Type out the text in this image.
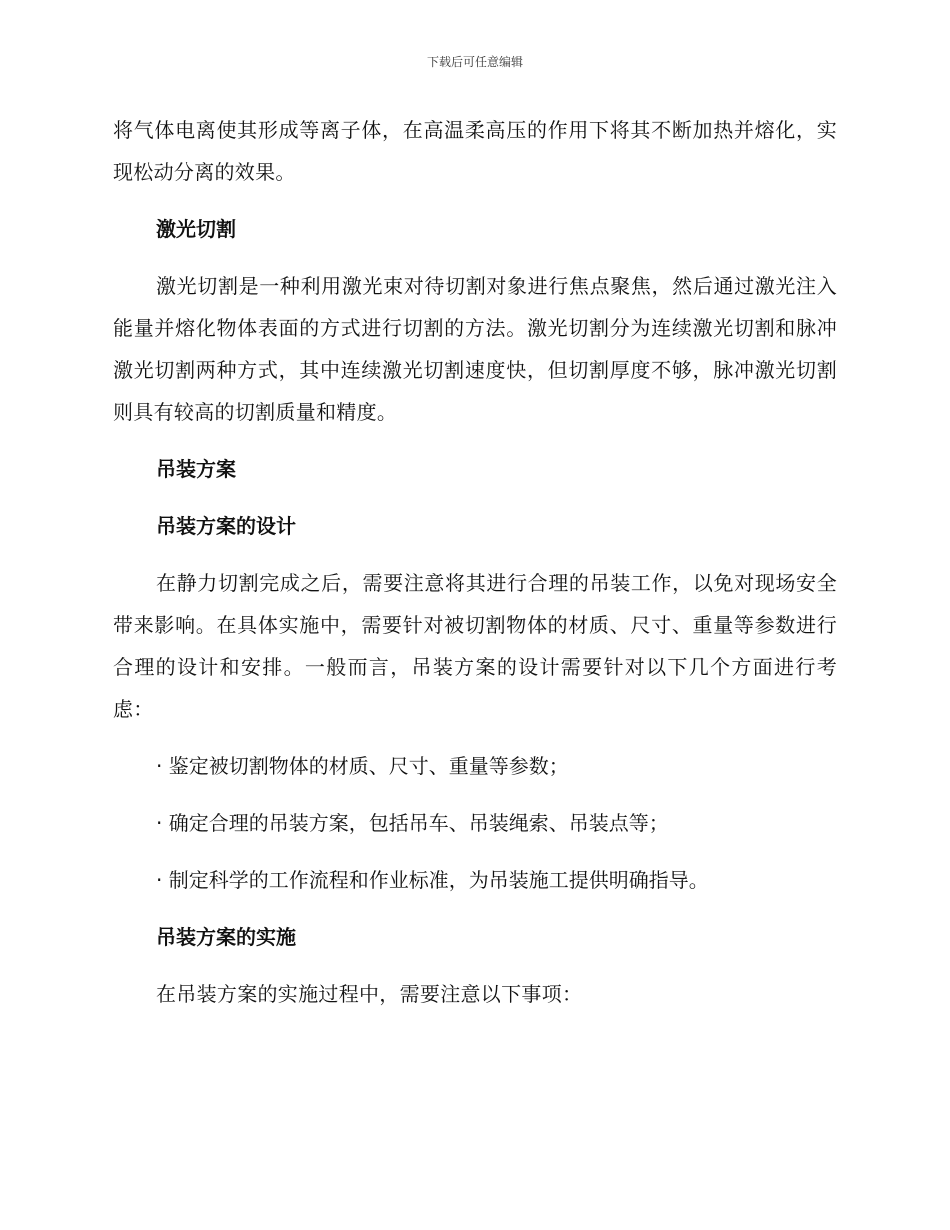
下载后可任意编辑

将气体电离使其形成等离子体，在高温柔高压的作用下将其不断加热并熔化，实现松动分离的效果。

激光切割

激光切割是一种利用激光束对待切割对象进行焦点聚焦，然后通过激光注入能量并熔化物体表面的方式进行切割的方法。激光切割分为连续激光切割和脉冲激光切割两种方式，其中连续激光切割速度快，但切割厚度不够，脉冲激光切割则具有较高的切割质量和精度。

吊装方案
吊装方案的设计

在静力切割完成之后，需要注意将其进行合理的吊装工作，以免对现场安全带来影响。在具体实施中，需要针对被切割物体的材质、尺寸、重量等参数进行合理的设计和安排。一般而言，吊装方案的设计需要针对以下几个方面进行考虑：

· 鉴定被切割物体的材质、尺寸、重量等参数；

· 确定合理的吊装方案，包括吊车、吊装绳索、吊装点等；

· 制定科学的工作流程和作业标准，为吊装施工提供明确指导。

吊装方案的实施

在吊装方案的实施过程中，需要注意以下事项：
